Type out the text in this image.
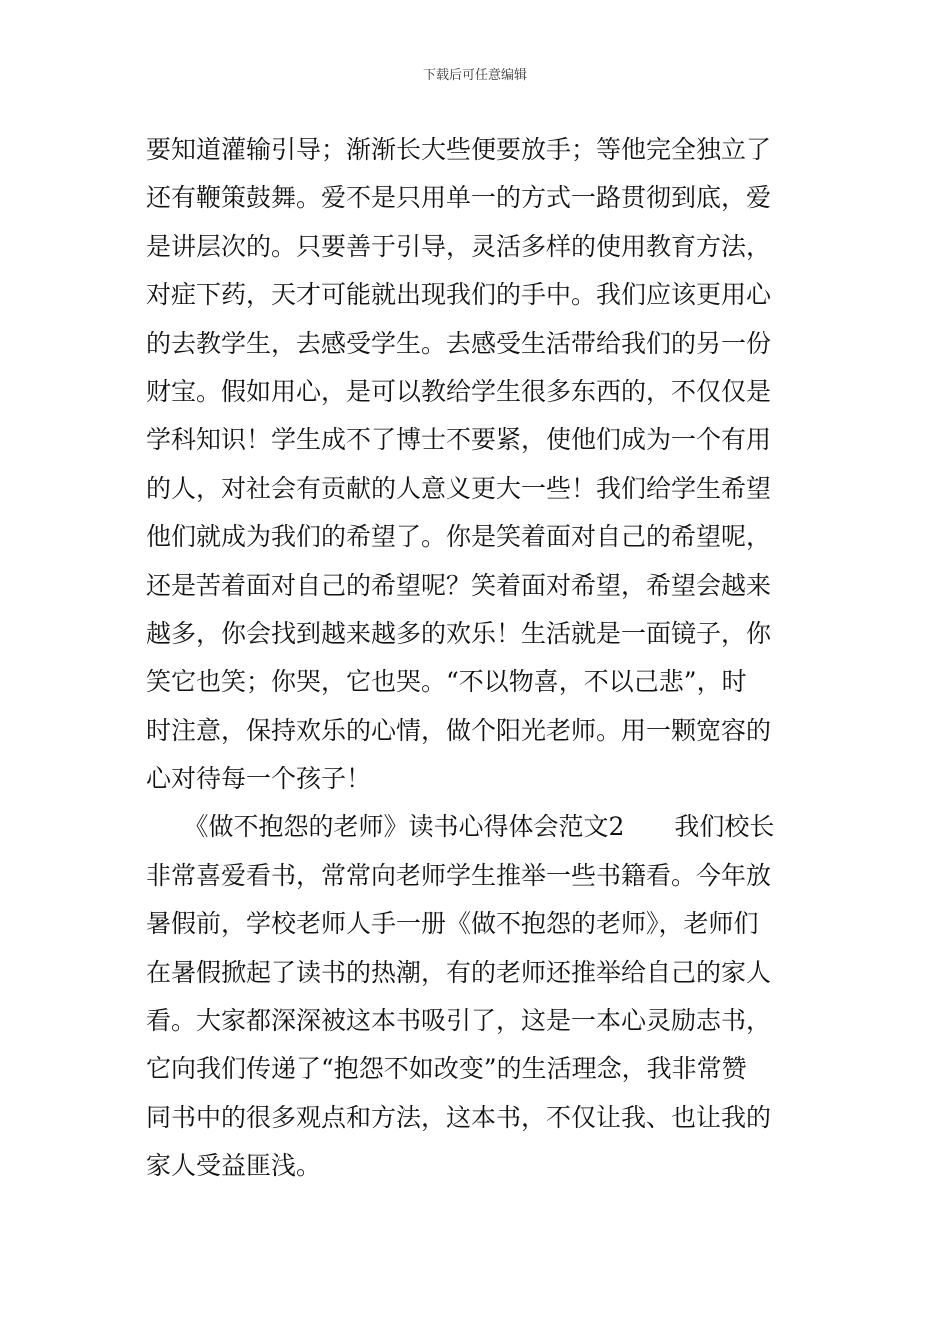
下载后可任意编辑
要知道灌输引导；渐渐长大些便要放手；等他完全独立了
还有鞭策鼓舞。爱不是只用单一的方式一路贯彻到底，爱
是讲层次的。只要善于引导，灵活多样的使用教育方法，
对症下药，天才可能就出现我们的手中。我们应该更用心
的去教学生，去感受学生。去感受生活带给我们的另一份
财宝。假如用心，是可以教给学生很多东西的，不仅仅是
学科知识！学生成不了博士不要紧，使他们成为一个有用
的人，对社会有贡献的人意义更大一些！我们给学生希望
他们就成为我们的希望了。你是笑着面对自己的希望呢，
还是苦着面对自己的希望呢？笑着面对希望，希望会越来
越多，你会找到越来越多的欢乐！生活就是一面镜子，你
笑它也笑；你哭，它也哭。“不以物喜，不以己悲”，时
时注意，保持欢乐的心情，做个阳光老师。用一颗宽容的
心对待每一个孩子！
　　《做不抱怨的老师》读书心得体会范文2　　我们校长
非常喜爱看书，常常向老师学生推举一些书籍看。今年放
暑假前，学校老师人手一册《做不抱怨的老师》，老师们
在暑假掀起了读书的热潮，有的老师还推举给自己的家人
看。大家都深深被这本书吸引了，这是一本心灵励志书，
它向我们传递了“抱怨不如改变”的生活理念，我非常赞
同书中的很多观点和方法，这本书，不仅让我、也让我的
家人受益匪浅。
